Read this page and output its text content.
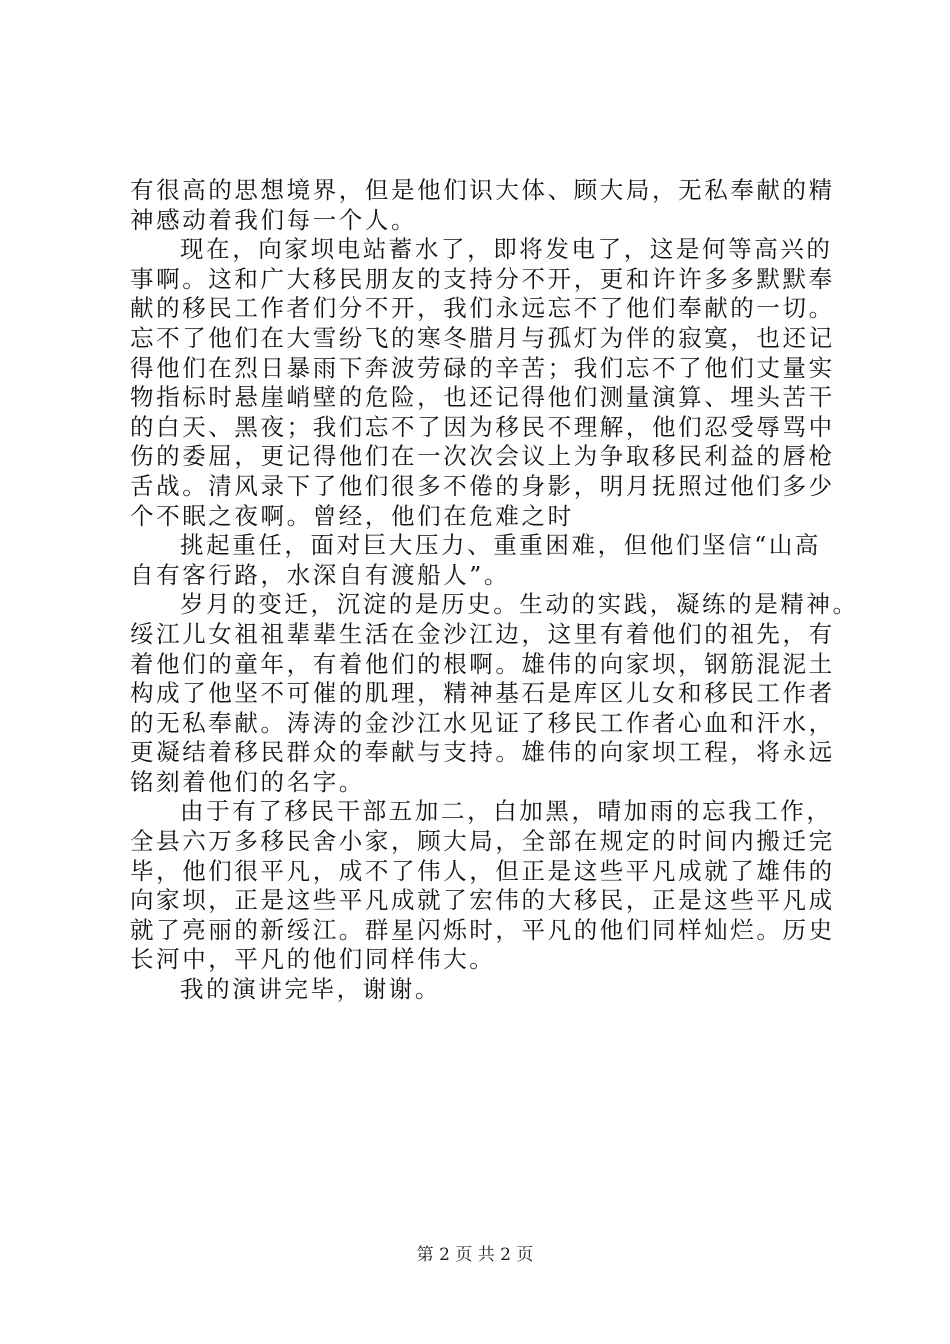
有很高的思想境界，但是他们识大体、顾大局，无私奉献的精
神感动着我们每一个人。
现在，向家坝电站蓄水了，即将发电了，这是何等高兴的
事啊。这和广大移民朋友的支持分不开，更和许许多多默默奉
献的移民工作者们分不开，我们永远忘不了他们奉献的一切。
忘不了他们在大雪纷飞的寒冬腊月与孤灯为伴的寂寞，也还记
得他们在烈日暴雨下奔波劳碌的辛苦；我们忘不了他们丈量实
物指标时悬崖峭壁的危险，也还记得他们测量演算、埋头苦干
的白天、黑夜；我们忘不了因为移民不理解，他们忍受辱骂中
伤的委屈，更记得他们在一次次会议上为争取移民利益的唇枪
舌战。清风录下了他们很多不倦的身影，明月抚照过他们多少
个不眠之夜啊。曾经，他们在危难之时
挑起重任，面对巨大压力、重重困难，但他们坚信“山高
自有客行路，水深自有渡船人”。
岁月的变迁，沉淀的是历史。生动的实践，凝练的是精神。
绥江儿女祖祖辈辈生活在金沙江边，这里有着他们的祖先，有
着他们的童年，有着他们的根啊。雄伟的向家坝，钢筋混泥土
构成了他坚不可催的肌理，精神基石是库区儿女和移民工作者
的无私奉献。涛涛的金沙江水见证了移民工作者心血和汗水，
更凝结着移民群众的奉献与支持。雄伟的向家坝工程，将永远
铭刻着他们的名字。
由于有了移民干部五加二，白加黑，晴加雨的忘我工作，
全县六万多移民舍小家，顾大局，全部在规定的时间内搬迁完
毕，他们很平凡，成不了伟人，但正是这些平凡成就了雄伟的
向家坝，正是这些平凡成就了宏伟的大移民，正是这些平凡成
就了亮丽的新绥江。群星闪烁时，平凡的他们同样灿烂。历史
长河中，平凡的他们同样伟大。
我的演讲完毕，谢谢。
第 2 页 共 2 页
